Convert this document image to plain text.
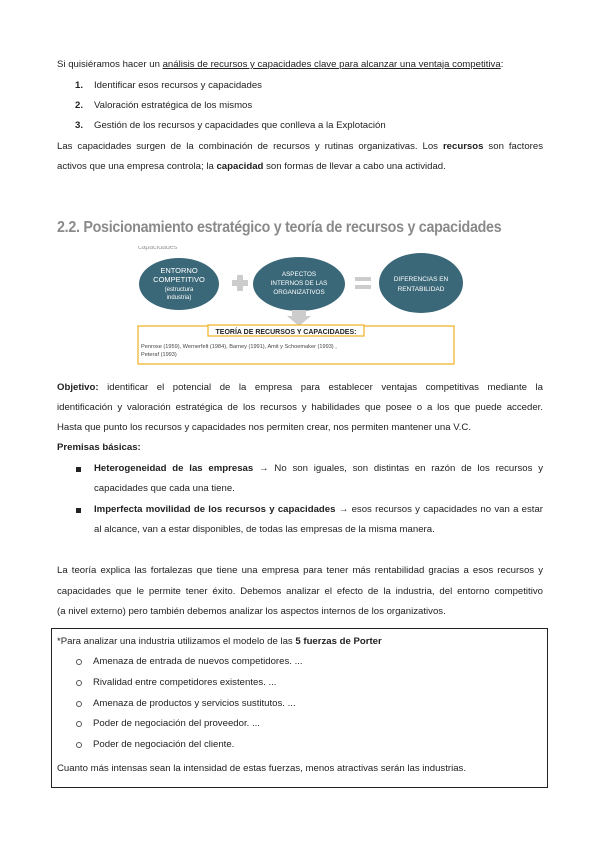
Si quisiéramos hacer un análisis de recursos y capacidades clave para alcanzar una ventaja competitiva:
1. Identificar esos recursos y capacidades
2. Valoración estratégica de los mismos
3. Gestión de los recursos y capacidades que conlleva a la Explotación
Las capacidades surgen de la combinación de recursos y rutinas organizativas. Los recursos son factores
activos que una empresa controla; la capacidad son formas de llevar a cabo una actividad.
2.2. Posicionamiento estratégico y teoría de recursos y capacidades
capacidades
ENTORNO
COMPETITIVO
(estructura
industria)
ASPECTOS
INTERNOS DE LAS
ORGANIZATIVOS
DIFERENCIAS EN
RENTABILIDAD
TEORÍA DE RECURSOS Y CAPACIDADES:
Penrose (1959), Wernerfelt (1984), Barney (1991), Amit y Schoemaker (1993) ,
Peteraf (1993)
Objetivo: identificar el potencial de la empresa para establecer ventajas competitivas mediante la
identificación y valoración estratégica de los recursos y habilidades que posee o a los que puede acceder.
Hasta que punto los recursos y capacidades nos permiten crear, nos permiten mantener una V.C.
Premisas básicas:
Heterogeneidad de las empresas → No son iguales, son distintas en razón de los recursos y
capacidades que cada una tiene.
Imperfecta movilidad de los recursos y capacidades → esos recursos y capacidades no van a estar
al alcance, van a estar disponibles, de todas las empresas de la misma manera.
La teoría explica las fortalezas que tiene una empresa para tener más rentabilidad gracias a esos recursos y
capacidades que le permite tener éxito. Debemos analizar el efecto de la industria, del entorno competitivo
(a nivel externo) pero también debemos analizar los aspectos internos de los organizativos.
*Para analizar una industria utilizamos el modelo de las 5 fuerzas de Porter
Amenaza de entrada de nuevos competidores. ...
Rivalidad entre competidores existentes. ...
Amenaza de productos y servicios sustitutos. ...
Poder de negociación del proveedor. ...
Poder de negociación del cliente.
Cuanto más intensas sean la intensidad de estas fuerzas, menos atractivas serán las industrias.
